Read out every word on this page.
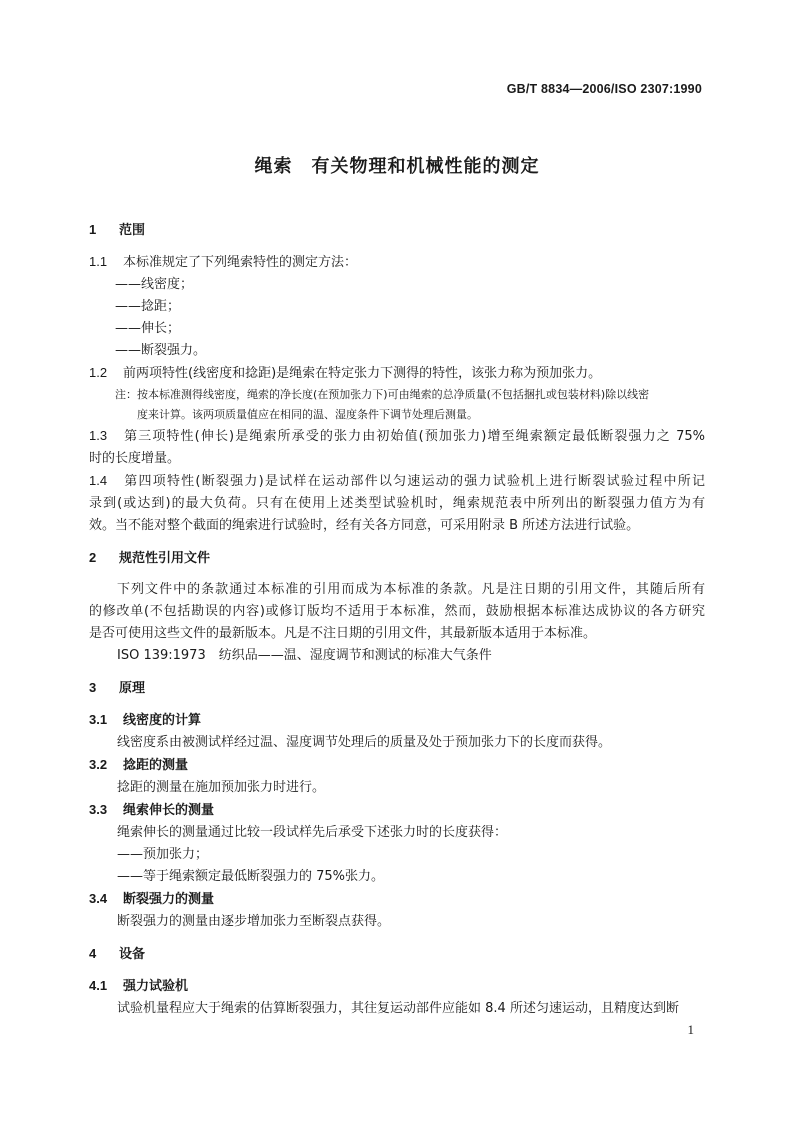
GB/T 8834—2006/ISO 2307:1990
绳索　有关物理和机械性能的测定
1 范围
1.1 本标准规定了下列绳索特性的测定方法：
——线密度；
——捻距；
——伸长；
——断裂强力。
1.2 前两项特性(线密度和捻距)是绳索在特定张力下测得的特性，该张力称为预加张力。
注：按本标准测得线密度，绳索的净长度(在预加张力下)可由绳索的总净质量(不包括捆扎或包装材料)除以线密
度来计算。该两项质量值应在相同的温、湿度条件下调节处理后测量。
1.3 第三项特性(伸长)是绳索所承受的张力由初始值(预加张力)增至绳索额定最低断裂强力之 75%
时的长度增量。
1.4 第四项特性(断裂强力)是试样在运动部件以匀速运动的强力试验机上进行断裂试验过程中所记
录到(或达到)的最大负荷。只有在使用上述类型试验机时，绳索规范表中所列出的断裂强力值方为有
效。当不能对整个截面的绳索进行试验时，经有关各方同意，可采用附录 B 所述方法进行试验。
2 规范性引用文件
下列文件中的条款通过本标准的引用而成为本标准的条款。凡是注日期的引用文件，其随后所有
的修改单(不包括勘误的内容)或修订版均不适用于本标准，然而，鼓励根据本标准达成协议的各方研究
是否可使用这些文件的最新版本。凡是不注日期的引用文件，其最新版本适用于本标准。
ISO 139:1973　纺织品——温、湿度调节和测试的标准大气条件
3 原理
3.1 线密度的计算
线密度系由被测试样经过温、湿度调节处理后的质量及处于预加张力下的长度而获得。
3.2 捻距的测量
捻距的测量在施加预加张力时进行。
3.3 绳索伸长的测量
绳索伸长的测量通过比较一段试样先后承受下述张力时的长度获得：
——预加张力；
——等于绳索额定最低断裂强力的 75%张力。
3.4 断裂强力的测量
断裂强力的测量由逐步增加张力至断裂点获得。
4 设备
4.1 强力试验机
试验机量程应大于绳索的估算断裂强力，其往复运动部件应能如 8.4 所述匀速运动，且精度达到断
1
